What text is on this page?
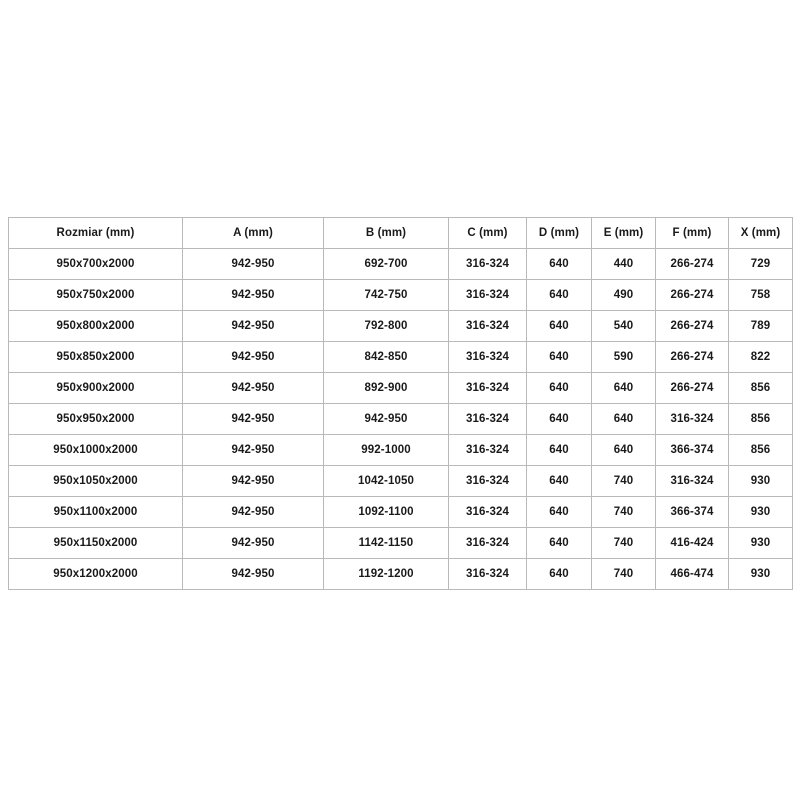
Rozmiar (mm)	A (mm)	B (mm)	C (mm)	D (mm)	E (mm)	F (mm)	X (mm)
950x700x2000	942-950	692-700	316-324	640	440	266-274	729
950x750x2000	942-950	742-750	316-324	640	490	266-274	758
950x800x2000	942-950	792-800	316-324	640	540	266-274	789
950x850x2000	942-950	842-850	316-324	640	590	266-274	822
950x900x2000	942-950	892-900	316-324	640	640	266-274	856
950x950x2000	942-950	942-950	316-324	640	640	316-324	856
950x1000x2000	942-950	992-1000	316-324	640	640	366-374	856
950x1050x2000	942-950	1042-1050	316-324	640	740	316-324	930
950x1100x2000	942-950	1092-1100	316-324	640	740	366-374	930
950x1150x2000	942-950	1142-1150	316-324	640	740	416-424	930
950x1200x2000	942-950	1192-1200	316-324	640	740	466-474	930
